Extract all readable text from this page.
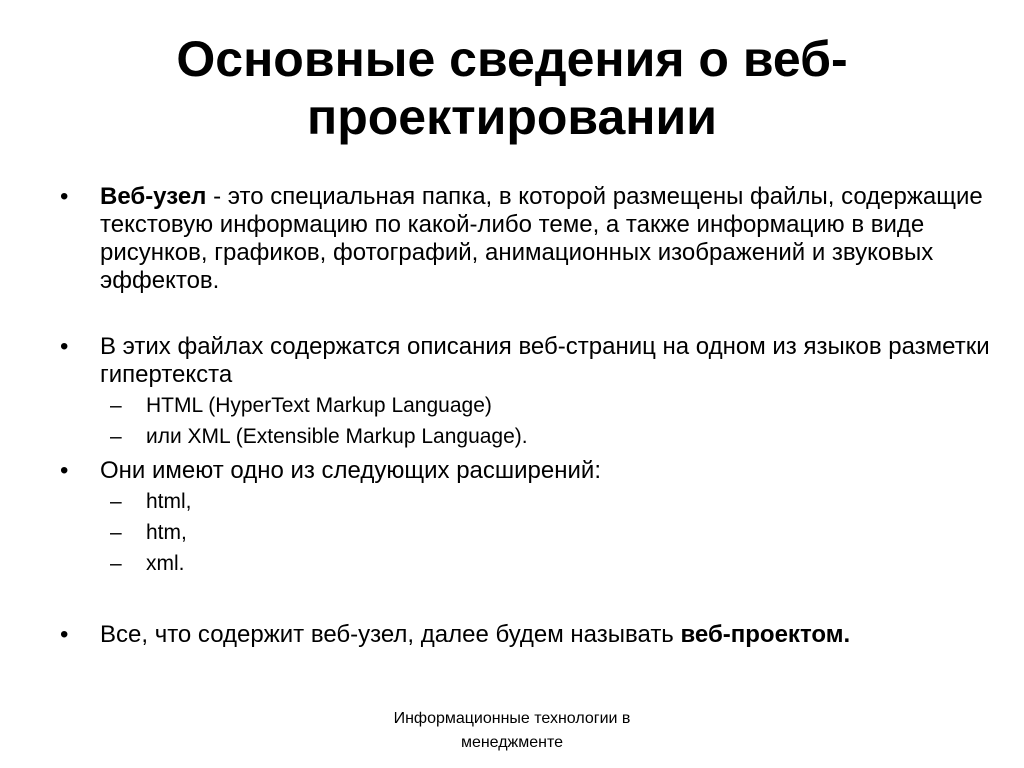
Основные сведения о веб-
проектировании
•	Веб-узел - это специальная папка, в которой размещены файлы, содержащие текстовую информацию по какой-либо теме, а также информацию в виде рисунков, графиков, фотографий, анимационных изображений и звуковых эффектов.
•	В этих файлах содержатся описания веб-страниц на одном из языков разметки гипертекста
– HTML (HyperText Markup Language)
– или XML (Extensible Markup Language).
•	Они имеют одно из следующих расширений:
– html,
– htm,
– xml.
•	Все, что содержит веб-узел, далее будем называть веб-проектом.
Информационные технологии в
менеджменте
